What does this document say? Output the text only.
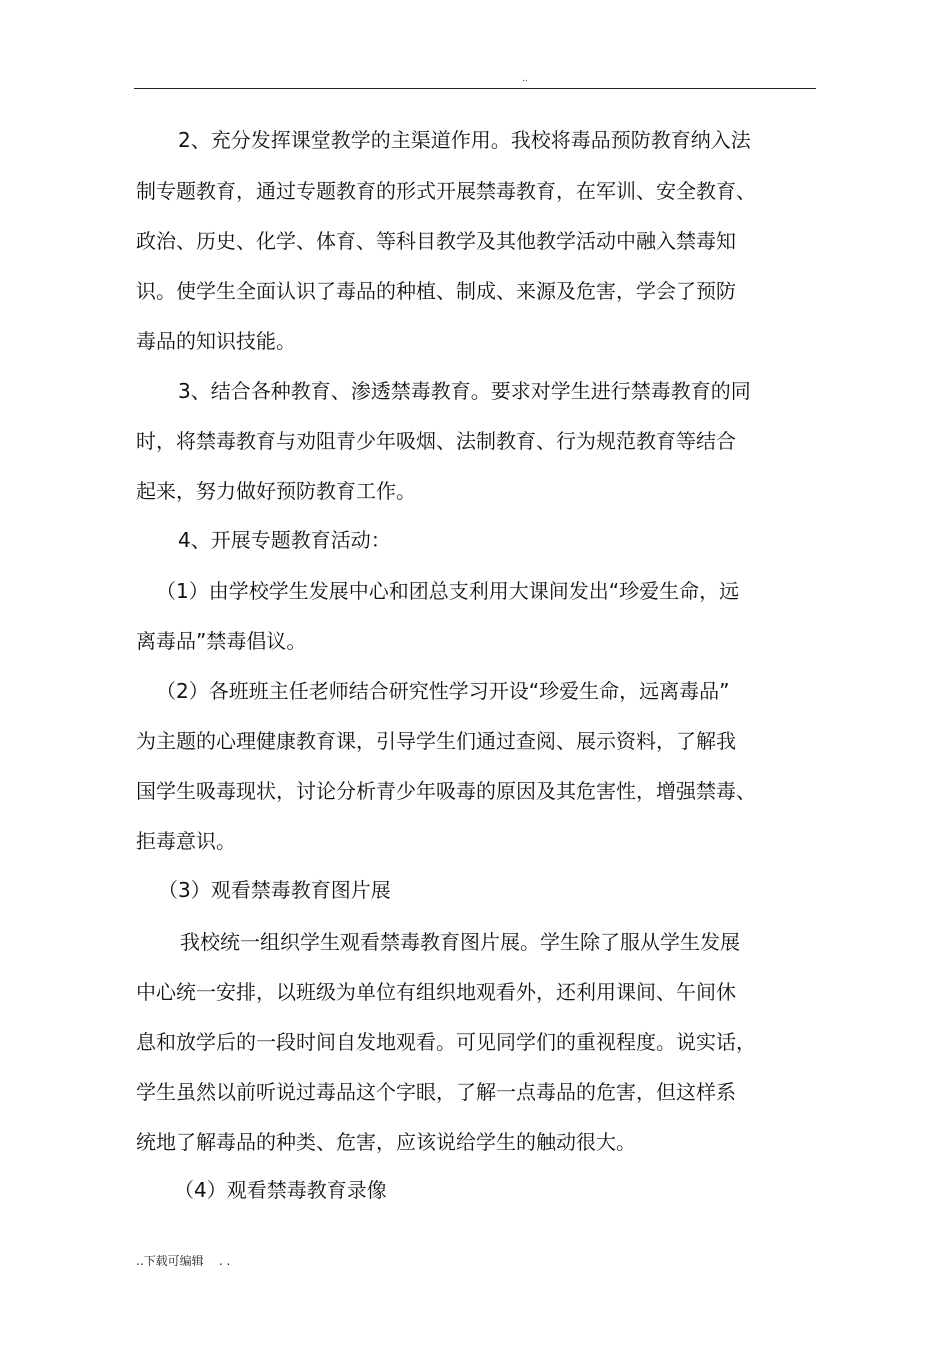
..
2、充分发挥课堂教学的主渠道作用。我校将毒品预防教育纳入法
制专题教育，通过专题教育的形式开展禁毒教育，在军训、安全教育、
政治、历史、化学、体育、等科目教学及其他教学活动中融入禁毒知
识。使学生全面认识了毒品的种植、制成、来源及危害，学会了预防
毒品的知识技能。
3、结合各种教育、渗透禁毒教育。要求对学生进行禁毒教育的同
时，将禁毒教育与劝阻青少年吸烟、法制教育、行为规范教育等结合
起来，努力做好预防教育工作。
4、开展专题教育活动：
（1）由学校学生发展中心和团总支利用大课间发出“珍爱生命，远
离毒品”禁毒倡议。
（2）各班班主任老师结合研究性学习开设“珍爱生命，远离毒品”
为主题的心理健康教育课，引导学生们通过查阅、展示资料，了解我
国学生吸毒现状，讨论分析青少年吸毒的原因及其危害性，增强禁毒、
拒毒意识。
（3）观看禁毒教育图片展
我校统一组织学生观看禁毒教育图片展。学生除了服从学生发展
中心统一安排，以班级为单位有组织地观看外，还利用课间、午间休
息和放学后的一段时间自发地观看。可见同学们的重视程度。说实话，
学生虽然以前听说过毒品这个字眼，了解一点毒品的危害，但这样系
统地了解毒品的种类、危害，应该说给学生的触动很大。
（4）观看禁毒教育录像
..下载可编辑    . .
